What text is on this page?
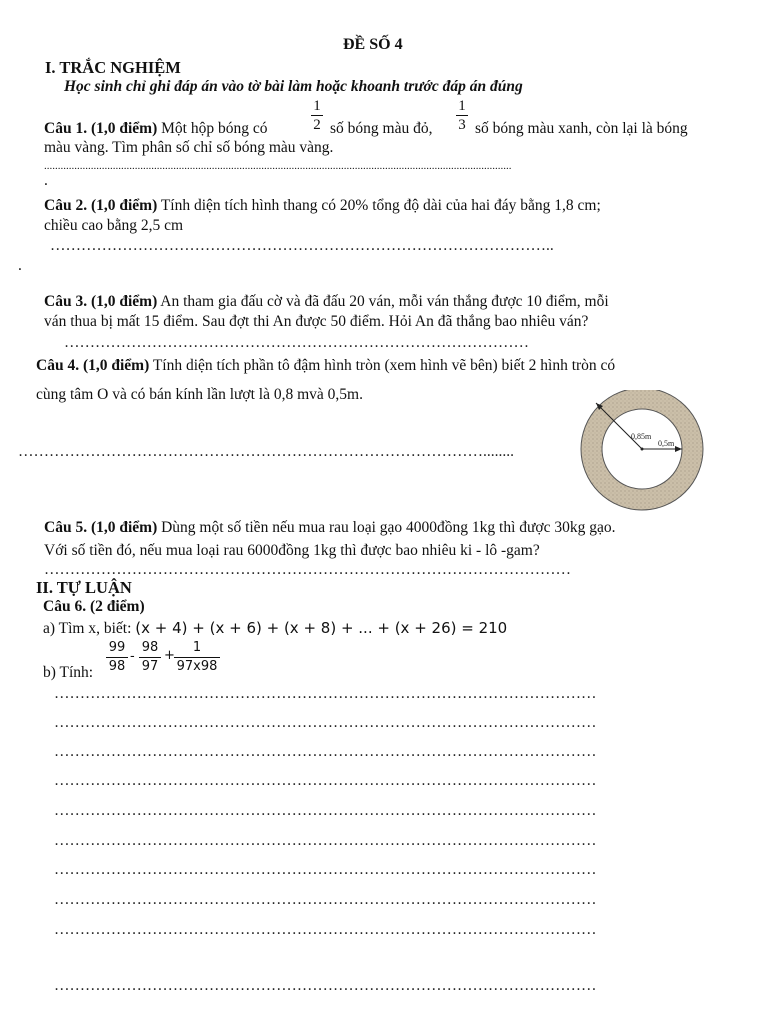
ĐỀ SỐ 4
I. TRẮC NGHIỆM
Học sinh chỉ ghi đáp án vào tờ bài làm hoặc khoanh trước đáp án đúng
Câu 1. (1,0 điểm) Một hộp bóng có
1
2 số bóng màu đỏ,
1
3 số bóng màu xanh, còn lại là bóng
màu vàng. Tìm phân số chỉ số bóng màu vàng.
..........................................................................................................................................................................
.
Câu 2. (1,0 điểm) Tính diện tích hình thang có 20% tổng độ dài của hai đáy bằng 1,8 cm;
chiều cao bằng 2,5 cm
……………………………………………………………………………………..
.
Câu 3. (1,0 điểm) An tham gia đấu cờ và đã đấu 20 ván, mỗi ván thắng được 10 điểm, mỗi
ván thua bị mất 15 điểm. Sau đợt thi An được 50 điểm. Hỏi An đã thắng bao nhiêu ván?
………………………………………………………………………………
Câu 4. (1,0 điểm) Tính diện tích phần tô đậm hình tròn (xem hình vẽ bên) biết 2 hình tròn có
cùng tâm O và có bán kính lần lượt là 0,8 mvà 0,5m.
………………………………………………………………………………........
0,85m
0,5m
Câu 5. (1,0 điểm) Dùng một số tiền nếu mua rau loại gạo 4000đồng 1kg thì được 30kg gạo.
Với số tiền đó, nếu mua loại rau 6000đồng 1kg thì được bao nhiêu ki - lô -gam?
…………………………………………………………………………………………
II. TỰ LUẬN
Câu 6. (2 điểm)
a) Tìm x, biết: (x + 4) + (x + 6) + (x + 8) + ... + (x + 26) = 210
b) Tính:
99
98
-
98
97
+
1
97x98
……………………………………………………………………………………………
……………………………………………………………………………………………
……………………………………………………………………………………………
……………………………………………………………………………………………
……………………………………………………………………………………………
……………………………………………………………………………………………
……………………………………………………………………………………………
……………………………………………………………………………………………
……………………………………………………………………………………………
……………………………………………………………………………………………
